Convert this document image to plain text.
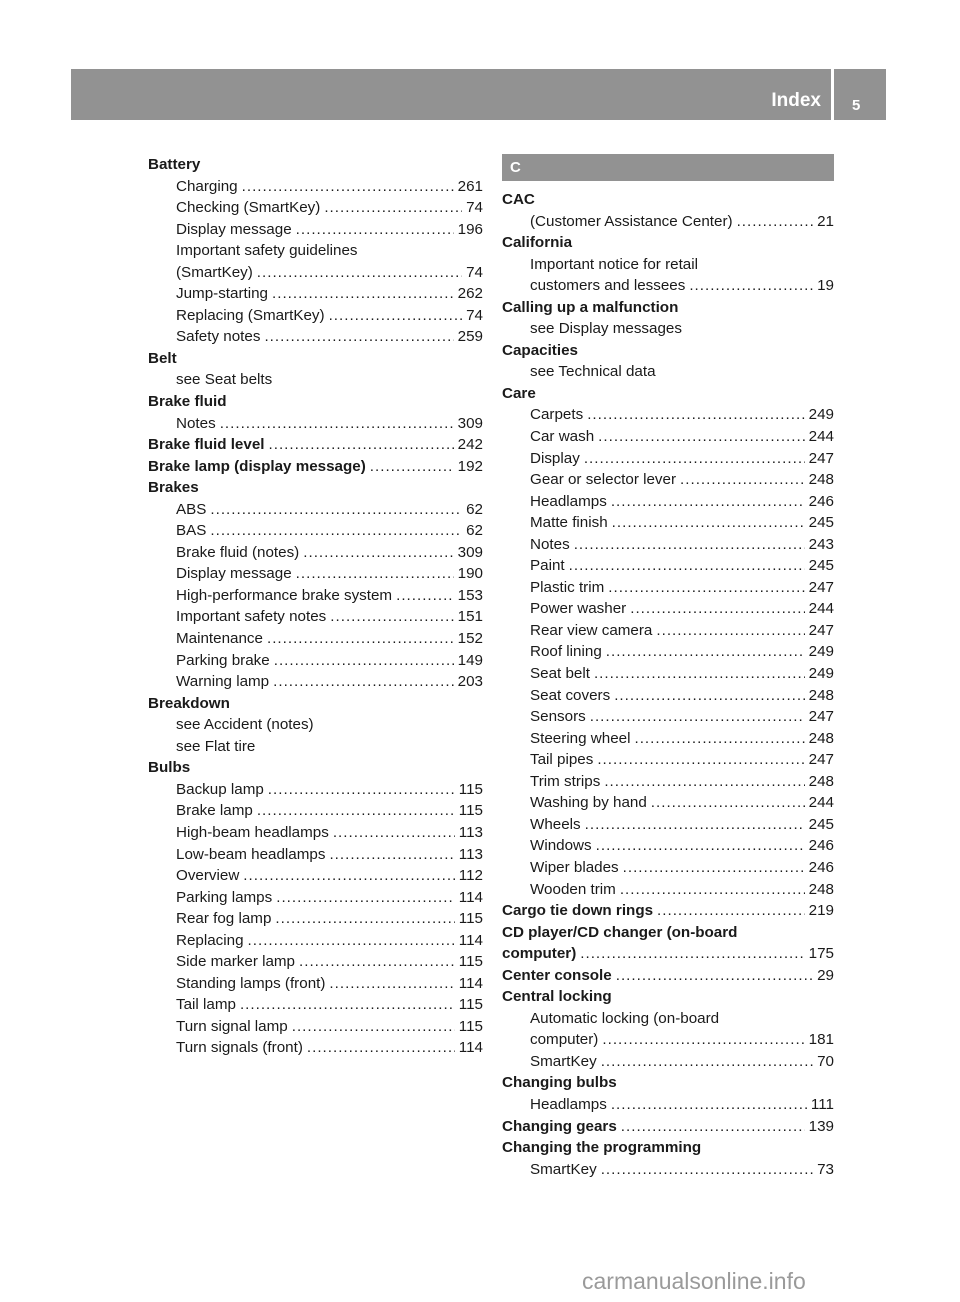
Index 5
Battery
Charging .....	261
Checking (SmartKey) .....	74
Display message .....	196
Important safety guidelines
(SmartKey) .....	74
Jump-starting .....	262
Replacing (SmartKey) .....	74
Safety notes .....	259
Belt
see Seat belts
Brake fluid
Notes .....	309
Brake fluid level .....	242
Brake lamp (display message) .....	192
Brakes
ABS .....	62
BAS .....	62
Brake fluid (notes) .....	309
Display message .....	190
High-performance brake system .....	153
Important safety notes .....	151
Maintenance .....	152
Parking brake .....	149
Warning lamp .....	203
Breakdown
see Accident (notes)
see Flat tire
Bulbs
Backup lamp .....	115
Brake lamp .....	115
High-beam headlamps .....	113
Low-beam headlamps .....	113
Overview .....	112
Parking lamps .....	114
Rear fog lamp .....	115
Replacing .....	114
Side marker lamp .....	115
Standing lamps (front) .....	114
Tail lamp .....	115
Turn signal lamp .....	115
Turn signals (front) .....	114
C
CAC
(Customer Assistance Center) .....	21
California
Important notice for retail
customers and lessees .....	19
Calling up a malfunction
see Display messages
Capacities
see Technical data
Care
Carpets .....	249
Car wash .....	244
Display .....	247
Gear or selector lever .....	248
Headlamps .....	246
Matte finish .....	245
Notes .....	243
Paint .....	245
Plastic trim .....	247
Power washer .....	244
Rear view camera .....	247
Roof lining .....	249
Seat belt .....	249
Seat covers .....	248
Sensors .....	247
Steering wheel .....	248
Tail pipes .....	247
Trim strips .....	248
Washing by hand .....	244
Wheels .....	245
Windows .....	246
Wiper blades .....	246
Wooden trim .....	248
Cargo tie down rings .....	219
CD player/CD changer (on-board
computer) .....	175
Center console .....	29
Central locking
Automatic locking (on-board
computer) .....	181
SmartKey .....	70
Changing bulbs
Headlamps .....	111
Changing gears .....	139
Changing the programming
SmartKey .....	73
carmanualsonline.info
